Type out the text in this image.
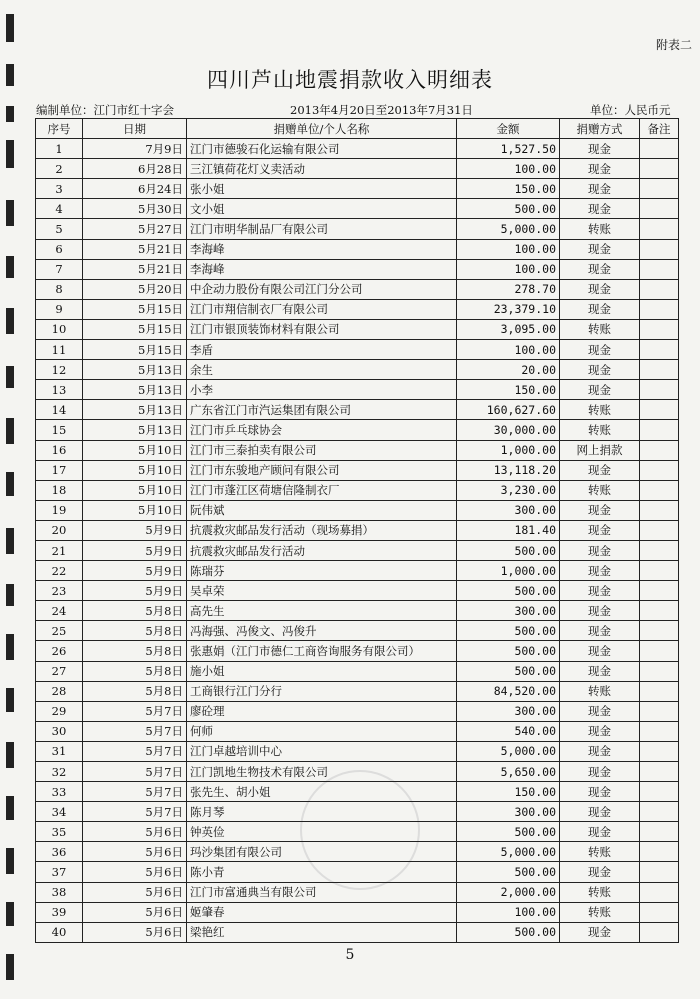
附表二
四川芦山地震捐款收入明细表
编制单位：江门市红十字会	2013年4月20日至2013年7月31日	单位：人民币元
序号	日期	捐赠单位/个人名称	金额	捐赠方式	备注
1	7月9日	江门市德骏石化运输有限公司	1,527.50	现金	
2	6月28日	三江镇荷花灯义卖活动	100.00	现金	
3	6月24日	张小姐	150.00	现金	
4	5月30日	文小姐	500.00	现金	
5	5月27日	江门市明华制品厂有限公司	5,000.00	转账	
6	5月21日	李海峰	100.00	现金	
7	5月21日	李海峰	100.00	现金	
8	5月20日	中企动力股份有限公司江门分公司	278.70	现金	
9	5月15日	江门市翔信制衣厂有限公司	23,379.10	现金	
10	5月15日	江门市银顶装饰材料有限公司	3,095.00	转账	
11	5月15日	李盾	100.00	现金	
12	5月13日	余生	20.00	现金	
13	5月13日	小李	150.00	现金	
14	5月13日	广东省江门市汽运集团有限公司	160,627.60	转账	
15	5月13日	江门市乒乓球协会	30,000.00	转账	
16	5月10日	江门市三泰拍卖有限公司	1,000.00	网上捐款	
17	5月10日	江门市东骏地产顾问有限公司	13,118.20	现金	
18	5月10日	江门市蓬江区荷塘信隆制衣厂	3,230.00	转账	
19	5月10日	阮伟斌	300.00	现金	
20	5月9日	抗震救灾邮品发行活动（现场募捐）	181.40	现金	
21	5月9日	抗震救灾邮品发行活动	500.00	现金	
22	5月9日	陈瑞芬	1,000.00	现金	
23	5月9日	吴卓荣	500.00	现金	
24	5月8日	高先生	300.00	现金	
25	5月8日	冯海强、冯俊文、冯俊升	500.00	现金	
26	5月8日	张惠娟（江门市德仁工商咨询服务有限公司）	500.00	现金	
27	5月8日	施小姐	500.00	现金	
28	5月8日	工商银行江门分行	84,520.00	转账	
29	5月7日	廖砼理	300.00	现金	
30	5月7日	何师	540.00	现金	
31	5月7日	江门卓越培训中心	5,000.00	现金	
32	5月7日	江门凯地生物技术有限公司	5,650.00	现金	
33	5月7日	张先生、胡小姐	150.00	现金	
34	5月7日	陈月琴	300.00	现金	
35	5月6日	钟英俭	500.00	现金	
36	5月6日	玛沙集团有限公司	5,000.00	转账	
37	5月6日	陈小青	500.00	现金	
38	5月6日	江门市富通典当有限公司	2,000.00	转账	
39	5月6日	姬肇春	100.00	转账	
40	5月6日	梁艳红	500.00	现金	
5
